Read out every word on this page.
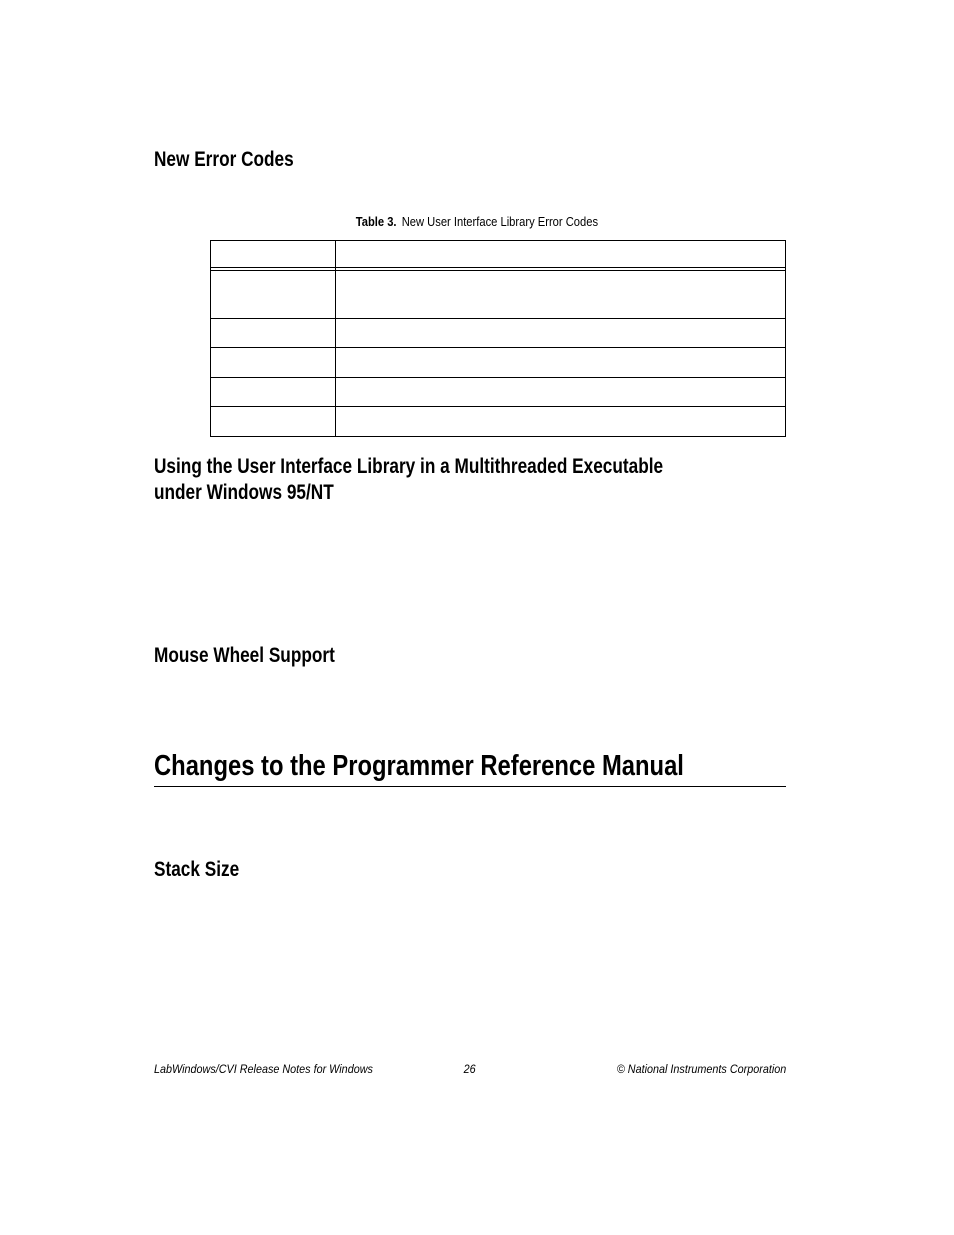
New Error Codes
Table 3. New User Interface Library Error Codes
Using the User Interface Library in a Multithreaded Executable
under Windows 95/NT
Mouse Wheel Support
Changes to the Programmer Reference Manual
Stack Size
LabWindows/CVI Release Notes for Windows	26	© National Instruments Corporation
